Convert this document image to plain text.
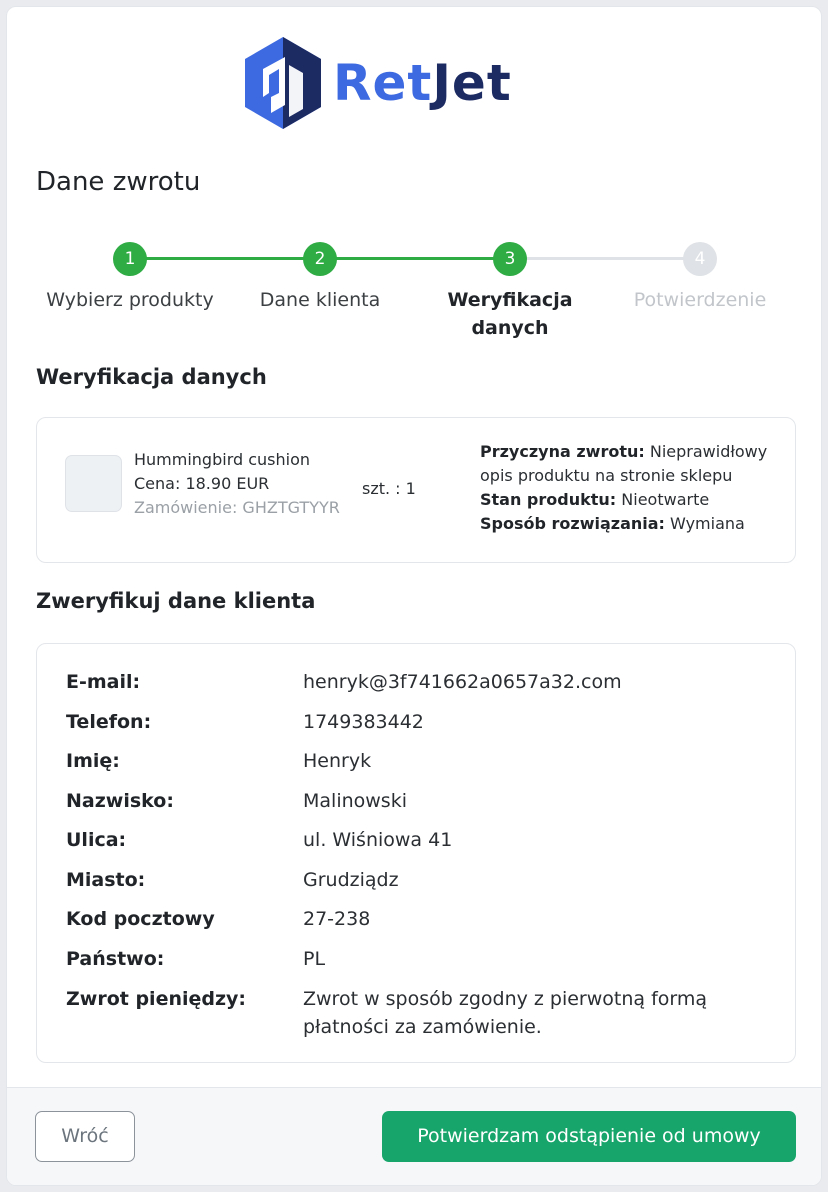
RetJet
Dane zwrotu
1
Wybierz produkty
2
Dane klienta
3
Weryfikacja danych
4
Potwierdzenie
Weryfikacja danych
Hummingbird cushion
Cena: 18.90 EUR
Zamówienie: GHZTGTYYR
szt. : 1
Przyczyna zwrotu: Nieprawidłowy opis produktu na stronie sklepu
Stan produktu: Nieotwarte
Sposób rozwiązania: Wymiana
Zweryfikuj dane klienta
E-mail:	henryk@3f741662a0657a32.com
Telefon:	1749383442
Imię:	Henryk
Nazwisko:	Malinowski
Ulica:	ul. Wiśniowa 41
Miasto:	Grudziądz
Kod pocztowy	27-238
Państwo:	PL
Zwrot pieniędzy:	Zwrot w sposób zgodny z pierwotną formą płatności za zamówienie.
Wróć	Potwierdzam odstąpienie od umowy
